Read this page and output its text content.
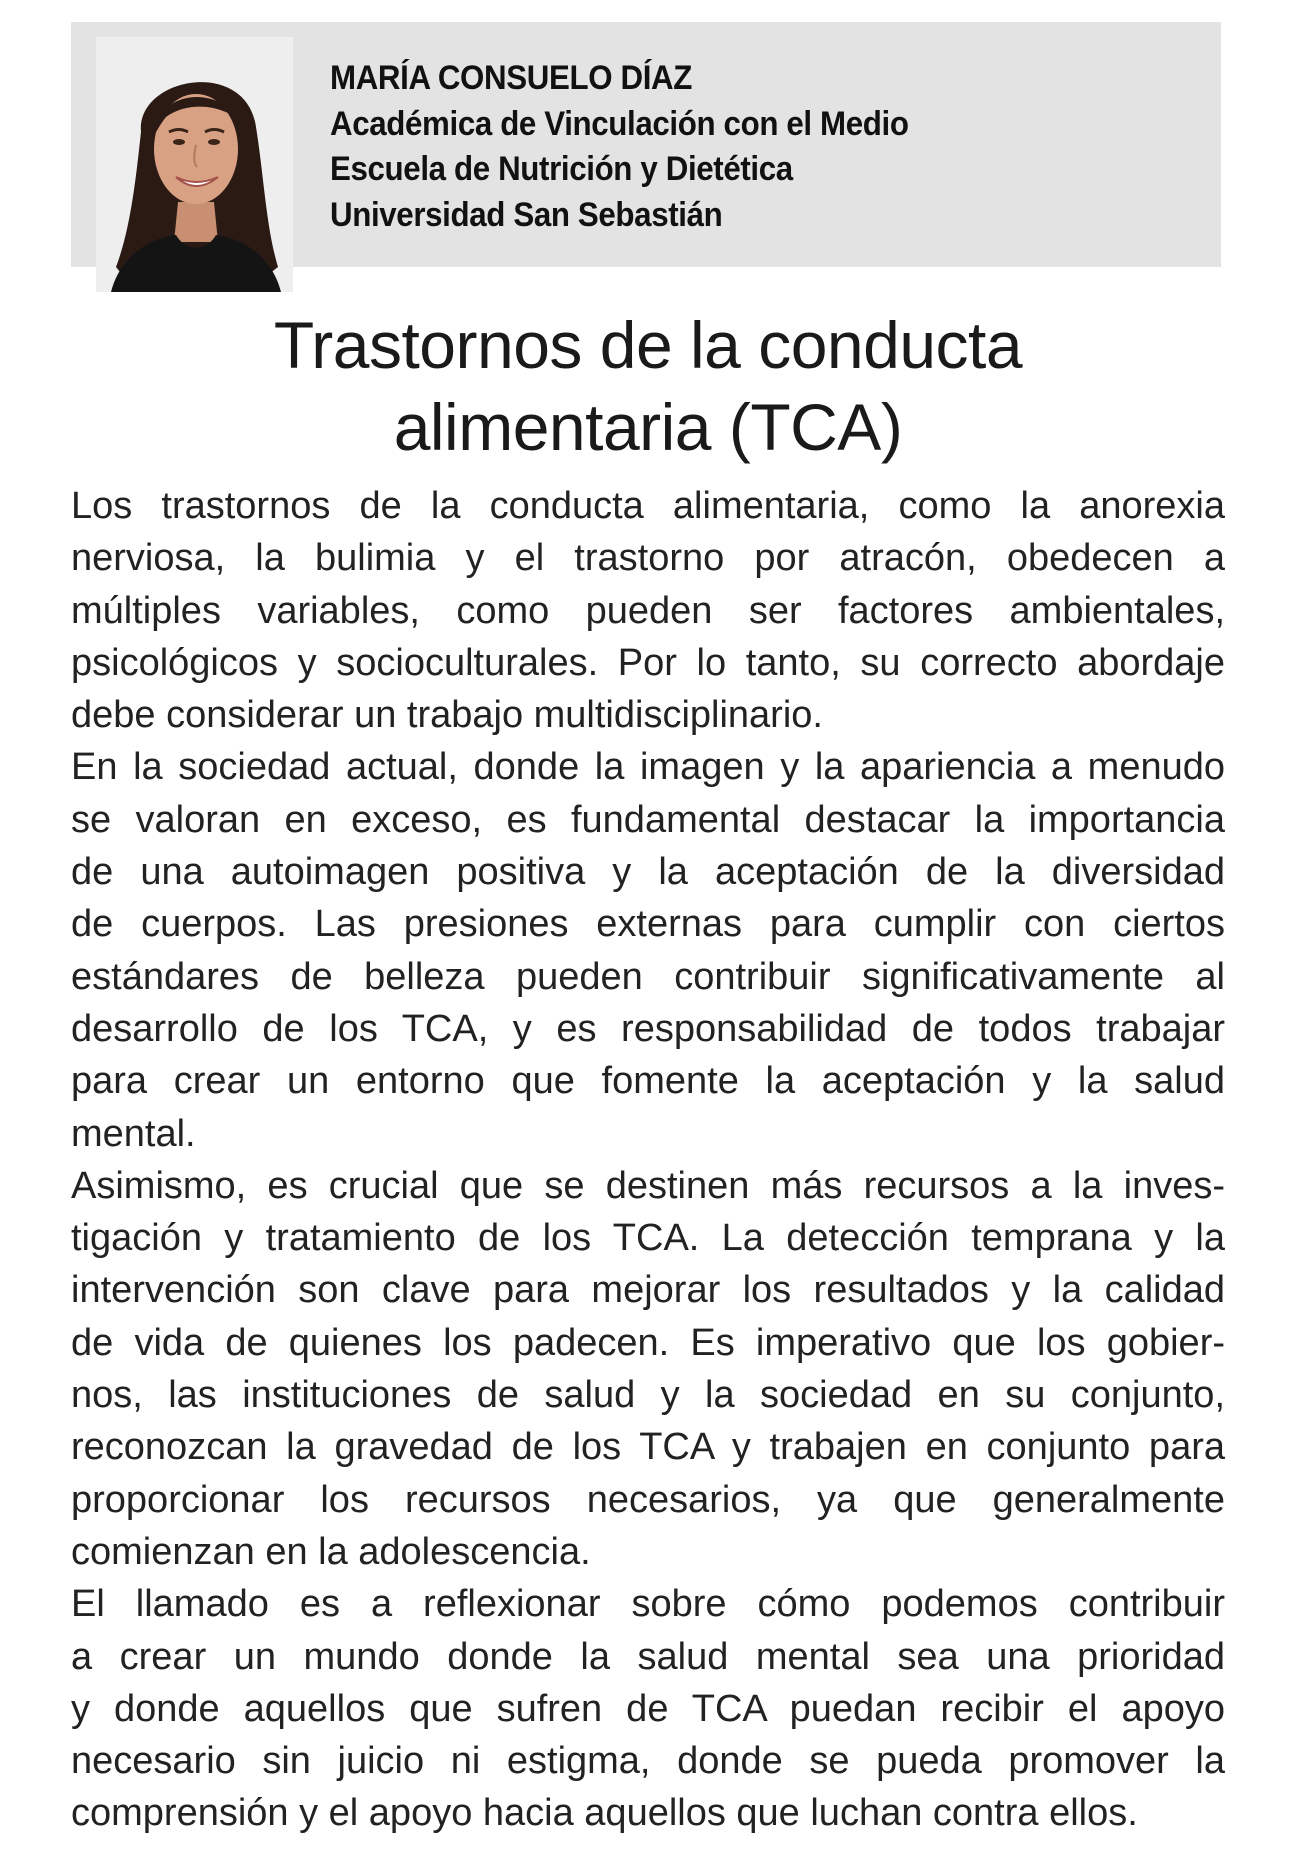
MARÍA CONSUELO DÍAZ
Académica de Vinculación con el Medio
Escuela de Nutrición y Dietética
Universidad San Sebastián
Trastornos de la conducta
alimentaria (TCA)

Los trastornos de la conducta alimentaria, como la anorexia
nerviosa, la bulimia y el trastorno por atracón, obedecen a
múltiples variables, como pueden ser factores ambientales,
psicológicos y socioculturales. Por lo tanto, su correcto abordaje
debe considerar un trabajo multidisciplinario.

En la sociedad actual, donde la imagen y la apariencia a menudo
se valoran en exceso, es fundamental destacar la importancia
de una autoimagen positiva y la aceptación de la diversidad
de cuerpos. Las presiones externas para cumplir con ciertos
estándares de belleza pueden contribuir significativamente al
desarrollo de los TCA, y es responsabilidad de todos trabajar
para crear un entorno que fomente la aceptación y la salud
mental.

Asimismo, es crucial que se destinen más recursos a la inves-
tigación y tratamiento de los TCA. La detección temprana y la
intervención son clave para mejorar los resultados y la calidad
de vida de quienes los padecen. Es imperativo que los gobier-
nos, las instituciones de salud y la sociedad en su conjunto,
reconozcan la gravedad de los TCA y trabajen en conjunto para
proporcionar los recursos necesarios, ya que generalmente
comienzan en la adolescencia.

El llamado es a reflexionar sobre cómo podemos contribuir
a crear un mundo donde la salud mental sea una prioridad
y donde aquellos que sufren de TCA puedan recibir el apoyo
necesario sin juicio ni estigma, donde se pueda promover la
comprensión y el apoyo hacia aquellos que luchan contra ellos.
